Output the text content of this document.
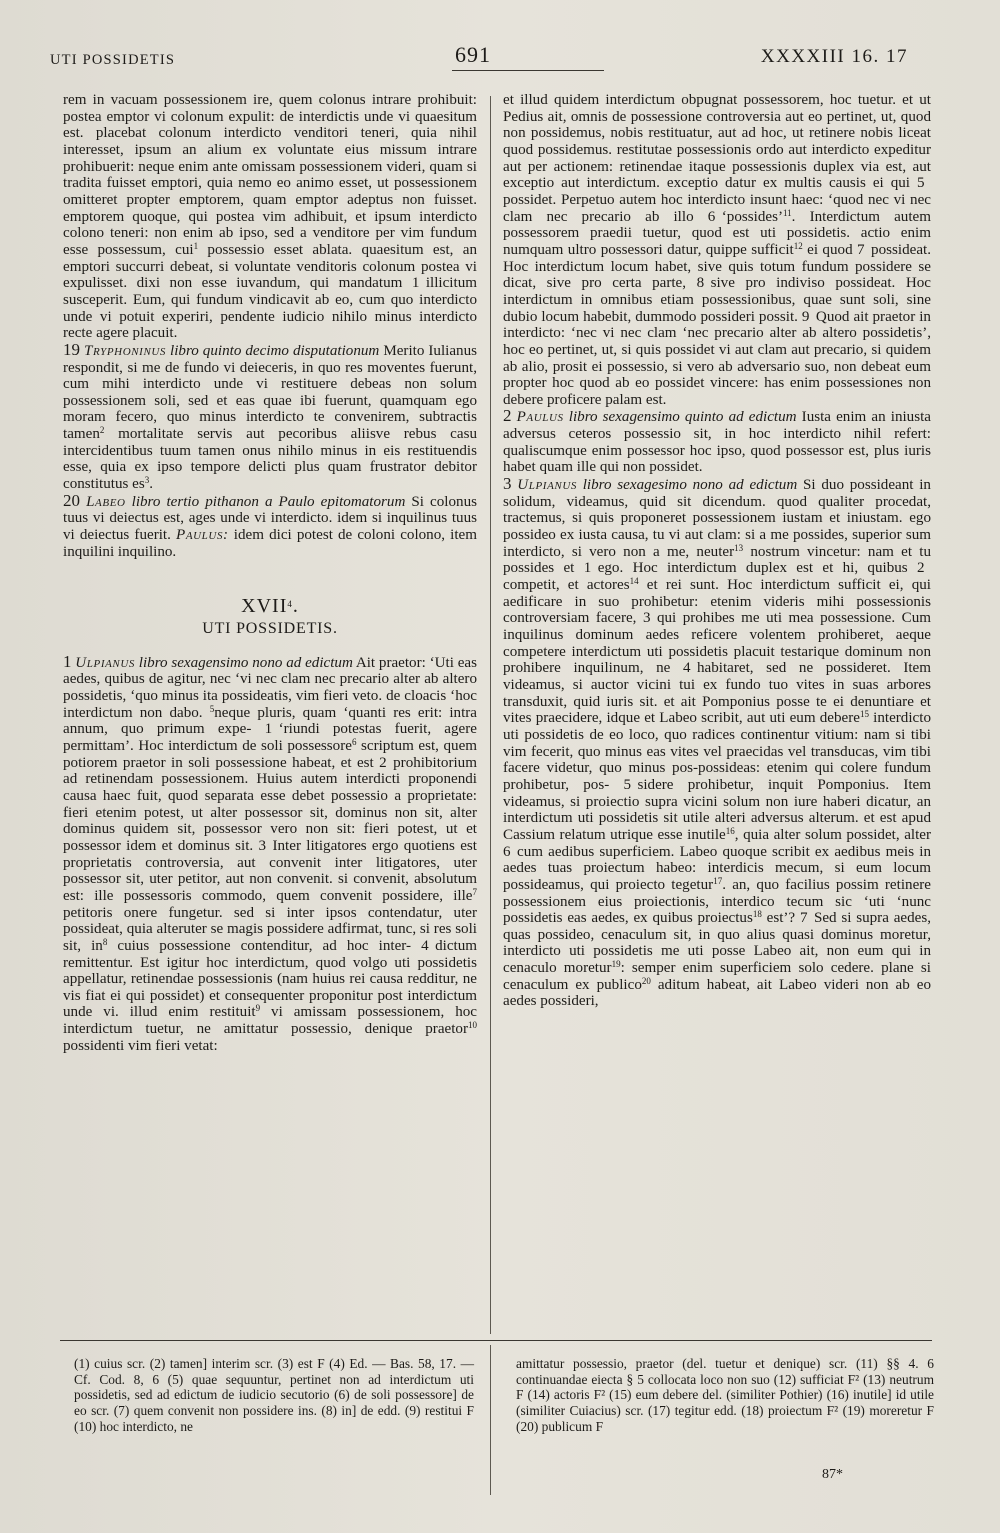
UTI POSSIDETIS	691	XXXXIII 16. 17

rem in vacuam possessionem ire, quem colonus intrare prohibuit: postea emptor vi colonum expulit: de interdictis unde vi quaesitum est. placebat colonum interdicto venditori teneri, quia nihil interesset, ipsum an alium ex voluntate eius missum intrare prohibuerit: neque enim ante omissam possessionem videri, quam si tradita fuisset emptori, quia nemo eo animo esset, ut possessionem omitteret propter emptorem, quam emptor adeptus non fuisset. emptorem quoque, qui postea vim adhibuit, et ipsum interdicto colono teneri: non enim ab ipso, sed a venditore per vim fundum esse possessum, cui$^1$ possessio esset ablata. quaesitum est, an emptori succurri debeat, si voluntate venditoris colonum postea vi expulisset. dixi non esse iuvandum, qui mandatum 1 illicitum susceperit. Eum, qui fundum vindicavit ab eo, cum quo interdicto unde vi potuit experiri, pendente iudicio nihilo minus interdicto recte agere placuit.

19 Tryphoninus libro quinto decimo disputationum Merito Iulianus respondit, si me de fundo vi deieceris, in quo res moventes fuerunt, cum mihi interdicto unde vi restituere debeas non solum possessionem soli, sed et eas quae ibi fuerunt, quamquam ego moram fecero, quo minus interdicto te convenirem, subtractis tamen$^2$ mortalitate servis aut pecoribus aliisve rebus casu intercidentibus tuum tamen onus nihilo minus in eis restituendis esse, quia ex ipso tempore delicti plus quam frustrator debitor constitutus $es^3$.

20 Labeo libro tertio pithanon a Paulo epitomatorum Si colonus tuus vi deiectus est, ages unde vi interdicto. idem si inquilinus tuus vi deiectus fuerit. Paulus: idem dici potest de coloni colono, item inquilini inquilino.

XVII$^4$.
UTI POSSIDETIS.

1 Ulpianus libro sexagensimo nono ad edictum Ait praetor: ‘Uti eas aedes, quibus de agitur, nec ‘vi nec clam nec precario alter ab altero possidetis, ‘quo minus ita possideatis, vim fieri veto. de cloacis ‘hoc interdictum non dabo. $^5$neque pluris, quam ‘quanti res erit: intra annum, quo primum expe- 1 ‘riundi potestas fuerit, agere permittam’. Hoc interdictum de soli possessore$^6$ scriptum est, quem potiorem praetor in soli possessione habeat, et est 2 prohibitorium ad retinendam possessionem. Huius autem interdicti proponendi causa haec fuit, quod separata esse debet possessio a proprietate: fieri etenim potest, ut alter possessor sit, dominus non sit, alter dominus quidem sit, possessor vero non sit: fieri potest, ut et possessor idem et dominus sit. 3 Inter litigatores ergo quotiens est proprietatis controversia, aut convenit inter litigatores, uter possessor sit, uter petitor, aut non convenit. si convenit, absolutum est: ille possessoris commodo, quem convenit possidere, ille$^7$ petitoris onere fungetur. sed si inter ipsos contendatur, uter possideat, quia alteruter se magis possidere adfirmat, tunc, si res soli sit, $in^8$ cuius possessione contenditur, ad hoc inter- 4 dictum remittentur. Est igitur hoc interdictum, quod volgo uti possidetis appellatur, retinendae possessionis (nam huius rei causa redditur, ne vis fiat ei qui possidet) et consequenter proponitur post interdictum unde vi. illud enim restituit$^9$ vi amissam possessionem, hoc interdictum tuetur, ne amittatur possessio, denique praetor$^{10}$ possidenti vim fieri vetat:

et illud quidem interdictum obpugnat possessorem, hoc tuetur. et ut Pedius ait, omnis de possessione controversia aut eo pertinet, ut, quod non possidemus, nobis restituatur, aut ad hoc, ut retinere nobis liceat quod possidemus. restitutae possessionis ordo aut interdicto expeditur aut per actionem: retinendae itaque possessionis duplex via est, aut exceptio aut interdictum. exceptio datur ex multis causis ei qui 5possidet. Perpetuo autem hoc interdicto insunt haec: ‘quod nec vi nec clam nec precario ab illo 6 ‘possides’$^{11}$. Interdictum autem possessorem praedii tuetur, quod est uti possidetis. actio enim numquam ultro possessori datur, quippe sufficit$^{12}$ ei quod 7 possideat. Hoc interdictum locum habet, sive quis totum fundum possidere se dicat, sive pro certa parte, 8 sive pro indiviso possideat. Hoc interdictum in omnibus etiam possessionibus, quae sunt soli, sine dubio locum habebit, dummodo possideri possit. 9 Quod ait praetor in interdicto: ‘nec vi nec clam ‘nec precario alter ab altero possidetis’, hoc eo pertinet, ut, si quis possidet vi aut clam aut precario, si quidem ab alio, prosit ei possessio, si vero ab adversario suo, non debeat eum propter hoc quod ab eo possidet vincere: has enim possessiones non debere proficere palam est.

2 Paulus libro sexagensimo quinto ad edictum Iusta enim an iniusta adversus ceteros possessio sit, in hoc interdicto nihil refert: qualiscumque enim possessor hoc ipso, quod possessor est, plus iuris habet quam ille qui non possidet.

3 Ulpianus libro sexagesimo nono ad edictum Si duo possideant in solidum, videamus, quid sit dicendum. quod qualiter procedat, tractemus, si quis proponeret possessionem iustam et iniustam. ego possideo ex iusta causa, tu vi aut clam: si a me possides, superior sum interdicto, si vero non a me, neuter$^{13}$ nostrum vincetur: nam et tu possides et 1 ego. Hoc interdictum duplex est et hi, quibus 2competit, et actores$^{14}$ et rei sunt. Hoc interdictum sufficit ei, qui aedificare in suo prohibetur: etenim videris mihi possessionis controversiam facere, 3 qui prohibes me uti mea possessione. Cum inquilinus dominum aedes reficere volentem prohiberet, aeque competere interdictum uti possidetis placuit testarique dominum non prohibere inquilinum, ne 4 habitaret, sed ne possideret. Item videamus, si auctor vicini tui ex fundo tuo vites in suas arbores transduxit, quid iuris sit. et ait Pomponius posse te ei denuntiare et vites praecidere, idque et Labeo scribit, aut uti eum debere$^{15}$ interdicto uti possidetis de eo loco, quo radices continentur vitium: nam si tibi vim fecerit, quo minus eas vites vel praecidas vel transducas, vim tibi facere videtur, quo minus pos-possideas: etenim qui colere fundum prohibetur, pos- 5 sidere prohibetur, inquit Pomponius. Item videamus, si proiectio supra vicini solum non iure haberi dicatur, an interdictum uti possidetis sit utile alteri adversus alterum. et est apud Cassium relatum utrique esse inutile$^{16}$, quia alter solum possidet, alter 6 cum aedibus superficiem. Labeo quoque scribit ex aedibus meis in aedes tuas proiectum habeo: interdicis mecum, si eum locum possideamus, qui proiecto tegetur$^{17}$. an, quo facilius possim retinere possessionem eius proiectionis, interdico tecum sic ‘uti ‘nunc possidetis eas aedes, ex quibus proiectus$^{18}$ est’? 7 Sed si supra aedes, quas possideo, cenaculum sit, in quo alius quasi dominus moretur, interdicto uti possidetis me uti posse Labeo ait, non eum qui in cenaculo moretur$^{19}$: semper enim superficiem solo cedere. plane si cenaculum ex publico$^{20}$ aditum habeat, ait Labeo videri non ab eo aedes possideri,

(1) cuius scr. (2) tamen] interim scr. (3) est F (4) Ed. — Bas. 58, 17. — Cf. Cod. 8, 6 (5) quae sequuntur, pertinet non ad interdictum uti possidetis, sed ad edictum de iudicio secutorio (6) de soli possessore] de eo scr. (7) quem convenit non possidere ins. (8) in] de edd. (9) restitui F (10) hoc interdicto, ne
amittatur possessio, praetor (del. tuetur et denique) scr. (11) §§ 4. 6 continuandae eiecta § 5 collocata loco non suo (12) sufficiat F² (13) neutrum F (14) actoris F² (15) eum debere del. (similiter Pothier) (16) inutile] id utile (similiter Cuiacius) scr. (17) tegitur edd. (18) proiectum F² (19) moreretur F (20) publicum F
87*
